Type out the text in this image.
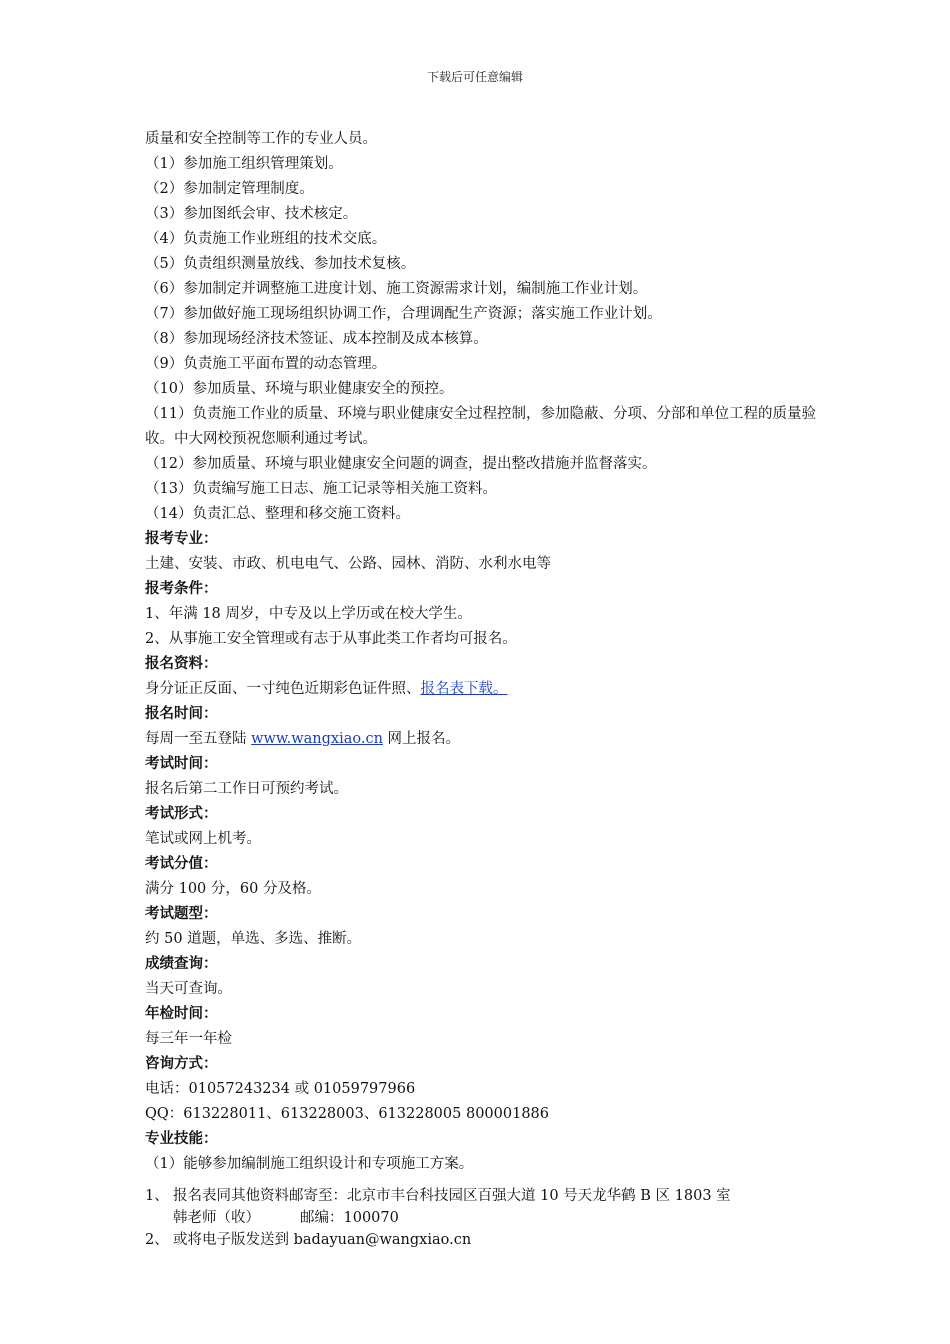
下载后可任意编辑
质量和安全控制等工作的专业人员。
（1）参加施工组织管理策划。
（2）参加制定管理制度。
（3）参加图纸会审、技术核定。
（4）负责施工作业班组的技术交底。
（5）负责组织测量放线、参加技术复核。
（6）参加制定并调整施工进度计划、施工资源需求计划，编制施工作业计划。
（7）参加做好施工现场组织协调工作，合理调配生产资源；落实施工作业计划。
（8）参加现场经济技术签证、成本控制及成本核算。
（9）负责施工平面布置的动态管理。
（10）参加质量、环境与职业健康安全的预控。
（11）负责施工作业的质量、环境与职业健康安全过程控制，参加隐蔽、分项、分部和单位工程的质量验收。中大网校预祝您顺利通过考试。
（12）参加质量、环境与职业健康安全问题的调查，提出整改措施并监督落实。
（13）负责编写施工日志、施工记录等相关施工资料。
（14）负责汇总、整理和移交施工资料。
报考专业：
土建、安装、市政、机电电气、公路、园林、消防、水利水电等
报考条件：
1、年满 18 周岁，中专及以上学历或在校大学生。
2、从事施工安全管理或有志于从事此类工作者均可报名。
报名资料：
身分证正反面、一寸纯色近期彩色证件照、报名表下载。
报名时间：
每周一至五登陆 www.wangxiao.cn 网上报名。
考试时间：
报名后第二工作日可预约考试。
考试形式：
笔试或网上机考。
考试分值：
满分 100 分，60 分及格。
考试题型：
约 50 道题，单选、多选、推断。
成绩查询：
当天可查询。
年检时间：
每三年一年检
咨询方式：
电话：01057243234 或 01059797966
QQ：613228011、613228003、613228005 800001886
专业技能：
（1）能够参加编制施工组织设计和专项施工方案。
1、 报名表同其他资料邮寄至：北京市丰台科技园区百强大道 10 号天龙华鹤 B 区 1803 室
韩老师（收）	邮编：100070
2、 或将电子版发送到 badayuan@wangxiao.cn
